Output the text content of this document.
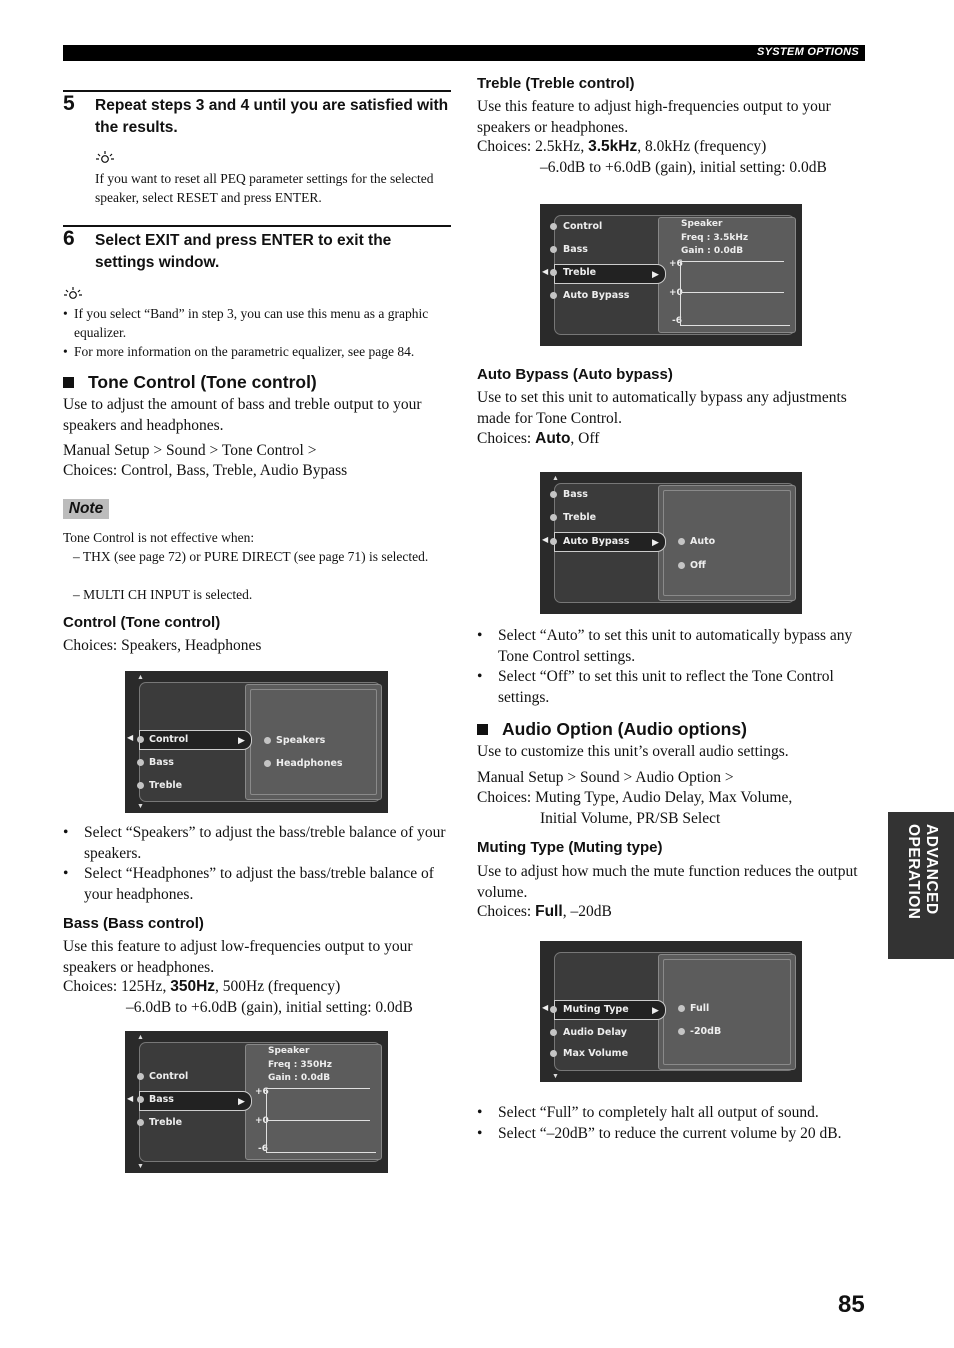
SYSTEM OPTIONS
5 Repeat steps 3 and 4 until you are satisfied with the results.
If you want to reset all PEQ parameter settings for the selected speaker, select RESET and press ENTER.
6 Select EXIT and press ENTER to exit the settings window.
• If you select “Band” in step 3, you can use this menu as a graphic equalizer.
• For more information on the parametric equalizer, see page 84.
Tone Control (Tone control)
Use to adjust the amount of bass and treble output to your speakers and headphones.
Manual Setup > Sound > Tone Control >
Choices: Control, Bass, Treble, Audio Bypass
Note
Tone Control is not effective when:
– THX (see page 72) or PURE DIRECT (see page 71) is selected.
– MULTI CH INPUT is selected.
Control (Tone control)
Choices: Speakers, Headphones
▲
▼
◀	▶
Control
Bass
Treble
Speakers
Headphones
• Select “Speakers” to adjust the bass/treble balance of your speakers.
• Select “Headphones” to adjust the bass/treble balance of your headphones.
Bass (Bass control)
Use this feature to adjust low-frequencies output to your speakers or headphones.
Choices: 125Hz, 350Hz, 500Hz (frequency)
–6.0dB to +6.0dB (gain), initial setting: 0.0dB
▲
▼
Speaker
Freq : 350Hz
Gain : 0.0dB
+6
+0
-6
◀	▶
Control
Bass
Treble
Treble (Treble control)
Use this feature to adjust high-frequencies output to your speakers or headphones.
Choices: 2.5kHz, 3.5kHz, 8.0kHz (frequency)
–6.0dB to +6.0dB (gain), initial setting: 0.0dB
Speaker
Freq : 3.5kHz
Gain : 0.0dB
+6
+0
-6
◀	▶
Control
Bass
Treble
Auto Bypass
Auto Bypass (Auto bypass)
Use to set this unit to automatically bypass any adjustments made for Tone Control.
Choices: Auto, Off
▲
◀	▶
Bass
Treble
Auto Bypass	Auto
Off
• Select “Auto” to set this unit to automatically bypass any Tone Control settings.
• Select “Off” to set this unit to reflect the Tone Control settings.
Audio Option (Audio options)
Use to customize this unit’s overall audio settings.
Manual Setup > Sound > Audio Option >
Choices: Muting Type, Audio Delay, Max Volume,
Initial Volume, PR/SB Select
Muting Type (Muting type)
Use to adjust how much the mute function reduces the output volume.
Choices: Full, –20dB
▼
◀	▶
Muting Type
Audio Delay
Max Volume
Full
-20dB
• Select “Full” to completely halt all output of sound.
• Select “–20dB” to reduce the current volume by 20 dB.
ADVANCED OPERATION
85
